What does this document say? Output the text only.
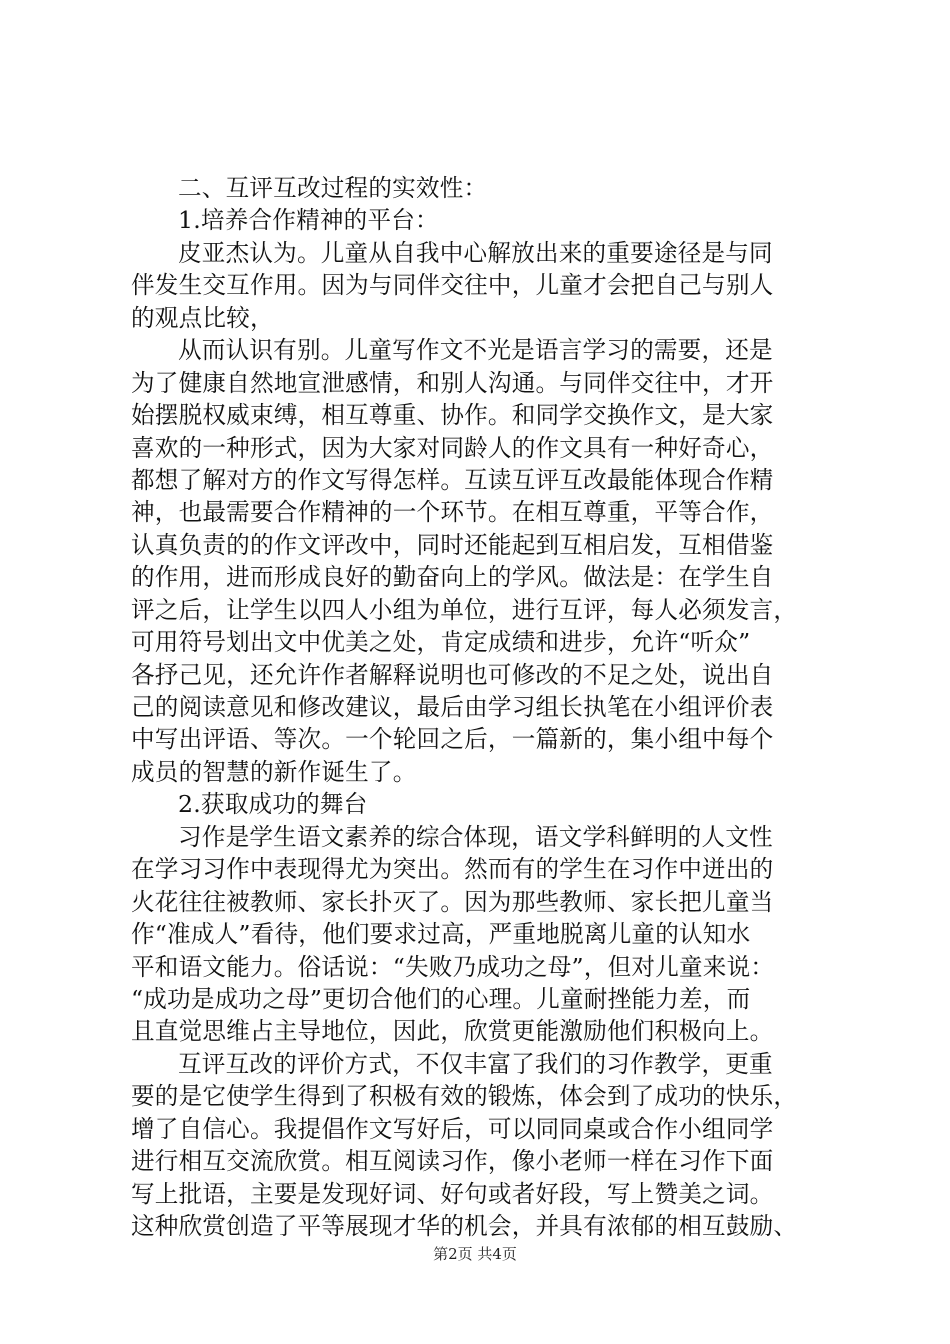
二、互评互改过程的实效性：
1.培养合作精神的平台：
皮亚杰认为。儿童从自我中心解放出来的重要途径是与同
伴发生交互作用。因为与同伴交往中，儿童才会把自己与别人
的观点比较，
从而认识有别。儿童写作文不光是语言学习的需要，还是
为了健康自然地宣泄感情，和别人沟通。与同伴交往中，才开
始摆脱权威束缚，相互尊重、协作。和同学交换作文，是大家
喜欢的一种形式，因为大家对同龄人的作文具有一种好奇心，
都想了解对方的作文写得怎样。互读互评互改最能体现合作精
神，也最需要合作精神的一个环节。在相互尊重，平等合作，
认真负责的的作文评改中，同时还能起到互相启发，互相借鉴
的作用，进而形成良好的勤奋向上的学风。做法是：在学生自
评之后，让学生以四人小组为单位，进行互评，每人必须发言，
可用符号划出文中优美之处，肯定成绩和进步，允许“听众”
各抒己见，还允许作者解释说明也可修改的不足之处，说出自
己的阅读意见和修改建议，最后由学习组长执笔在小组评价表
中写出评语、等次。一个轮回之后，一篇新的，集小组中每个
成员的智慧的新作诞生了。
2.获取成功的舞台
习作是学生语文素养的综合体现，语文学科鲜明的人文性
在学习习作中表现得尤为突出。然而有的学生在习作中迸出的
火花往往被教师、家长扑灭了。因为那些教师、家长把儿童当
作“准成人”看待，他们要求过高，严重地脱离儿童的认知水
平和语文能力。俗话说：“失败乃成功之母”，但对儿童来说：
“成功是成功之母”更切合他们的心理。儿童耐挫能力差，而
且直觉思维占主导地位，因此，欣赏更能激励他们积极向上。
互评互改的评价方式，不仅丰富了我们的习作教学，更重
要的是它使学生得到了积极有效的锻炼，体会到了成功的快乐，
增了自信心。我提倡作文写好后，可以同同桌或合作小组同学
进行相互交流欣赏。相互阅读习作，像小老师一样在习作下面
写上批语，主要是发现好词、好句或者好段，写上赞美之词。
这种欣赏创造了平等展现才华的机会，并具有浓郁的相互鼓励、
第2页 共4页
